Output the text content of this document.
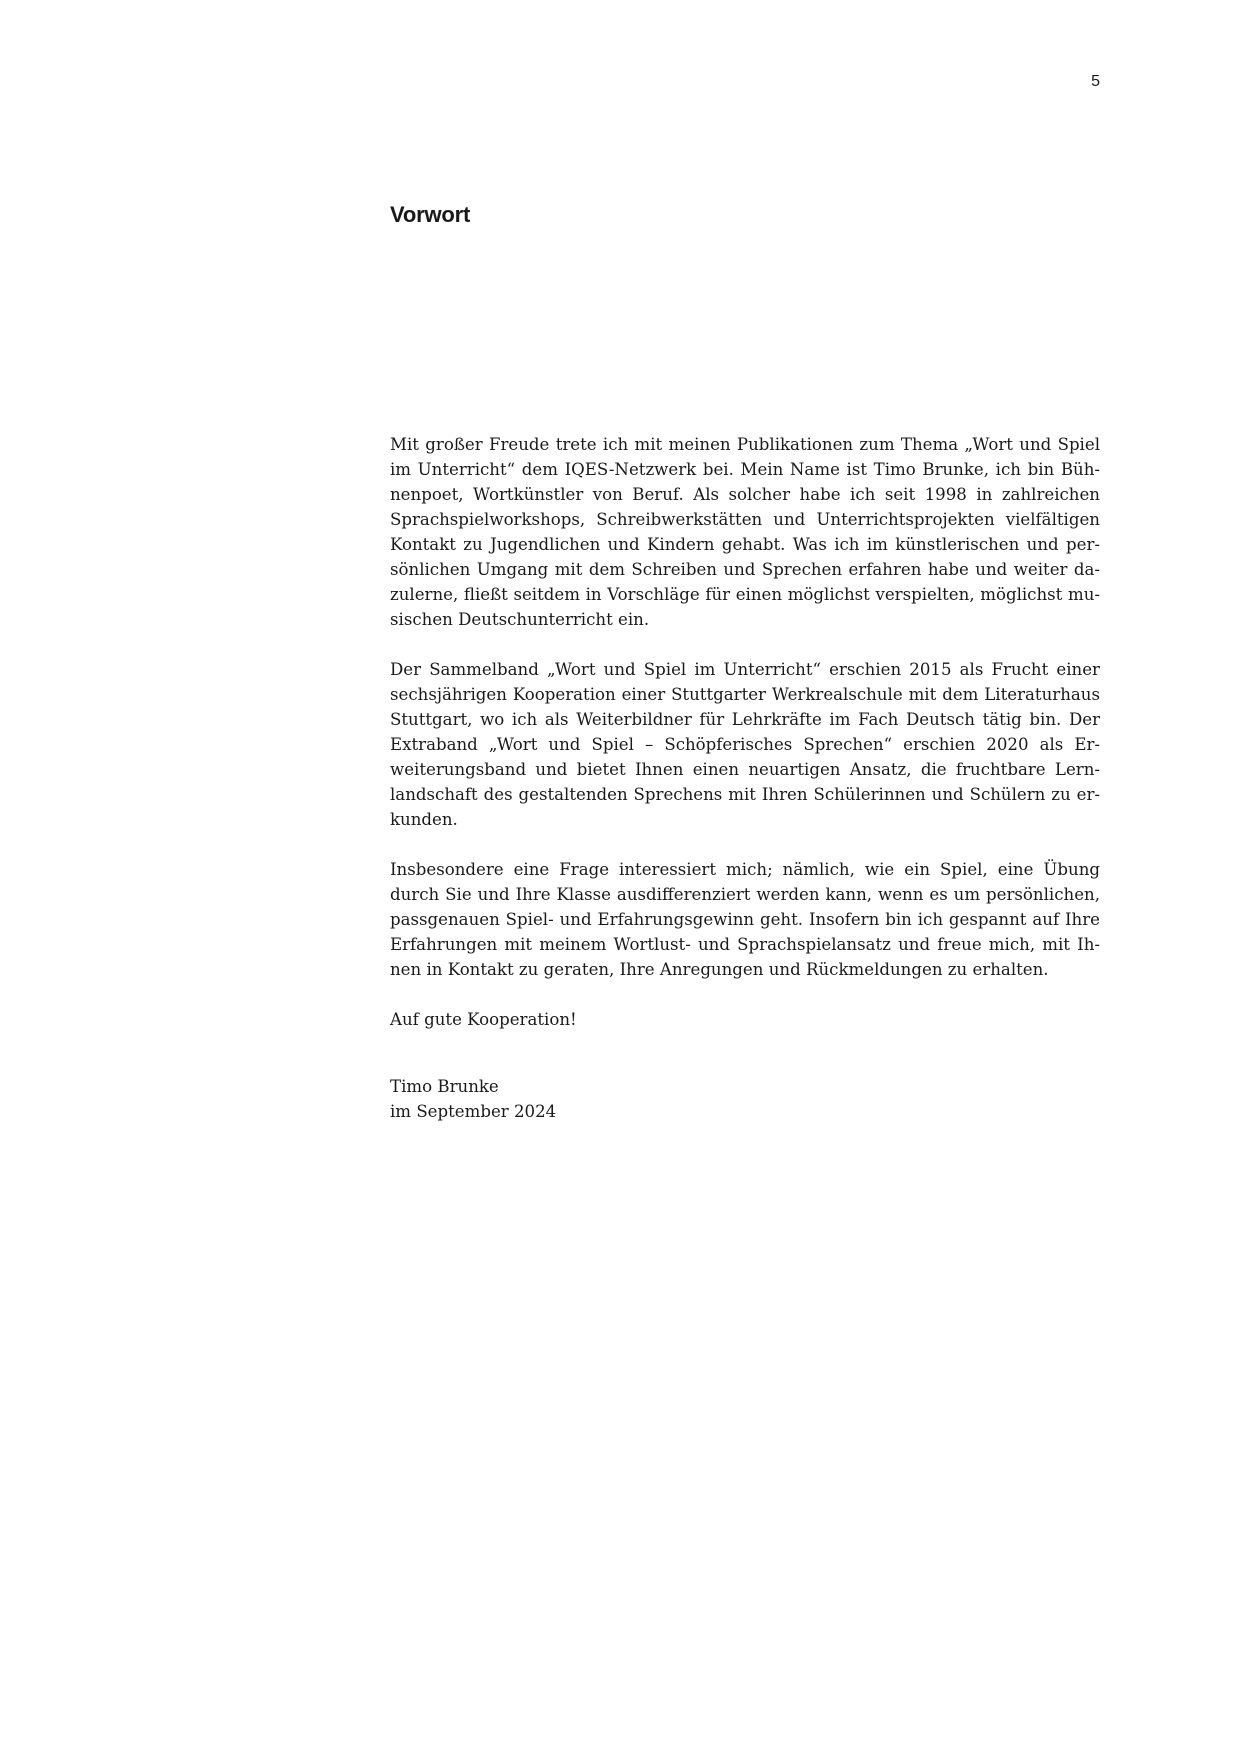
5
Vorwort

Mit großer Freude trete ich mit meinen Publikationen zum Thema „Wort und Spiel im Unterricht“ dem IQES-Netzwerk bei. Mein Name ist Timo Brunke, ich bin Bühnenpoet, Wortkünstler von Beruf. Als solcher habe ich seit 1998 in zahlreichen Sprachspielworkshops, Schreibwerkstätten und Unterrichtsprojekten vielfältigen Kontakt zu Jugendlichen und Kindern gehabt. Was ich im künstlerischen und persönlichen Umgang mit dem Schreiben und Sprechen erfahren habe und weiter dazulerne, fließt seitdem in Vorschläge für einen möglichst verspielten, möglichst musischen Deutschunterricht ein.

Der Sammelband „Wort und Spiel im Unterricht“ erschien 2015 als Frucht einer sechsjährigen Kooperation einer Stuttgarter Werkrealschule mit dem Literaturhaus Stuttgart, wo ich als Weiterbildner für Lehrkräfte im Fach Deutsch tätig bin. Der Extraband „Wort und Spiel – Schöpferisches Sprechen“ erschien 2020 als Erweiterungsband und bietet Ihnen einen neuartigen Ansatz, die fruchtbare Lernlandschaft des gestaltenden Sprechens mit Ihren Schülerinnen und Schülern zu erkunden.

Insbesondere eine Frage interessiert mich; nämlich, wie ein Spiel, eine Übung durch Sie und Ihre Klasse ausdifferenziert werden kann, wenn es um persönlichen, passgenauen Spiel- und Erfahrungsgewinn geht. Insofern bin ich gespannt auf Ihre Erfahrungen mit meinem Wortlust- und Sprachspielansatz und freue mich, mit Ihnen in Kontakt zu geraten, Ihre Anregungen und Rückmeldungen zu erhalten.

Auf gute Kooperation!

Timo Brunke
im September 2024
